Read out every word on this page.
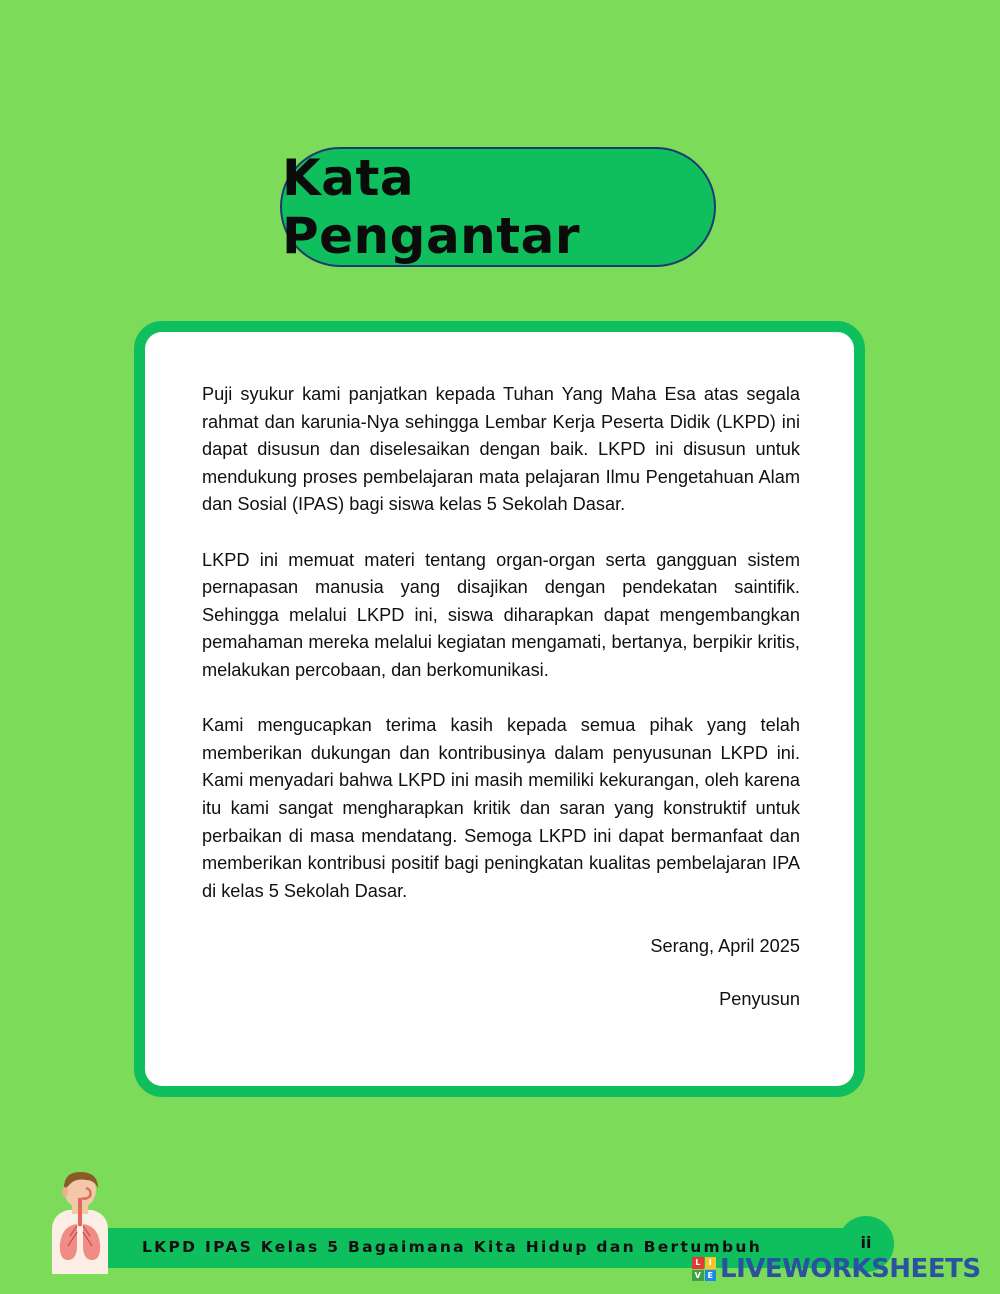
Kata Pengantar

Puji syukur kami panjatkan kepada Tuhan Yang Maha Esa atas segala rahmat dan karunia-Nya sehingga Lembar Kerja Peserta Didik (LKPD) ini dapat disusun dan diselesaikan dengan baik. LKPD ini disusun untuk mendukung proses pembelajaran mata pelajaran Ilmu Pengetahuan Alam dan Sosial (IPAS) bagi siswa kelas 5 Sekolah Dasar.

LKPD ini memuat materi tentang organ-organ serta gangguan sistem pernapasan manusia yang disajikan dengan pendekatan saintifik. Sehingga melalui LKPD ini, siswa diharapkan dapat mengembangkan pemahaman mereka melalui kegiatan mengamati, bertanya, berpikir kritis, melakukan percobaan, dan berkomunikasi.

Kami mengucapkan terima kasih kepada semua pihak yang telah memberikan dukungan dan kontribusinya dalam penyusunan LKPD ini. Kami menyadari bahwa LKPD ini masih memiliki kekurangan, oleh karena itu kami sangat mengharapkan kritik dan saran yang konstruktif untuk perbaikan di masa mendatang. Semoga LKPD ini dapat bermanfaat dan memberikan kontribusi positif bagi peningkatan kualitas pembelajaran IPA di kelas 5 Sekolah Dasar.

Serang, April 2025

Penyusun

LKPD IPAS Kelas 5 Bagaimana Kita Hidup dan Bertumbuh	ii
L	I
V E LIVEWORKSHEETS
